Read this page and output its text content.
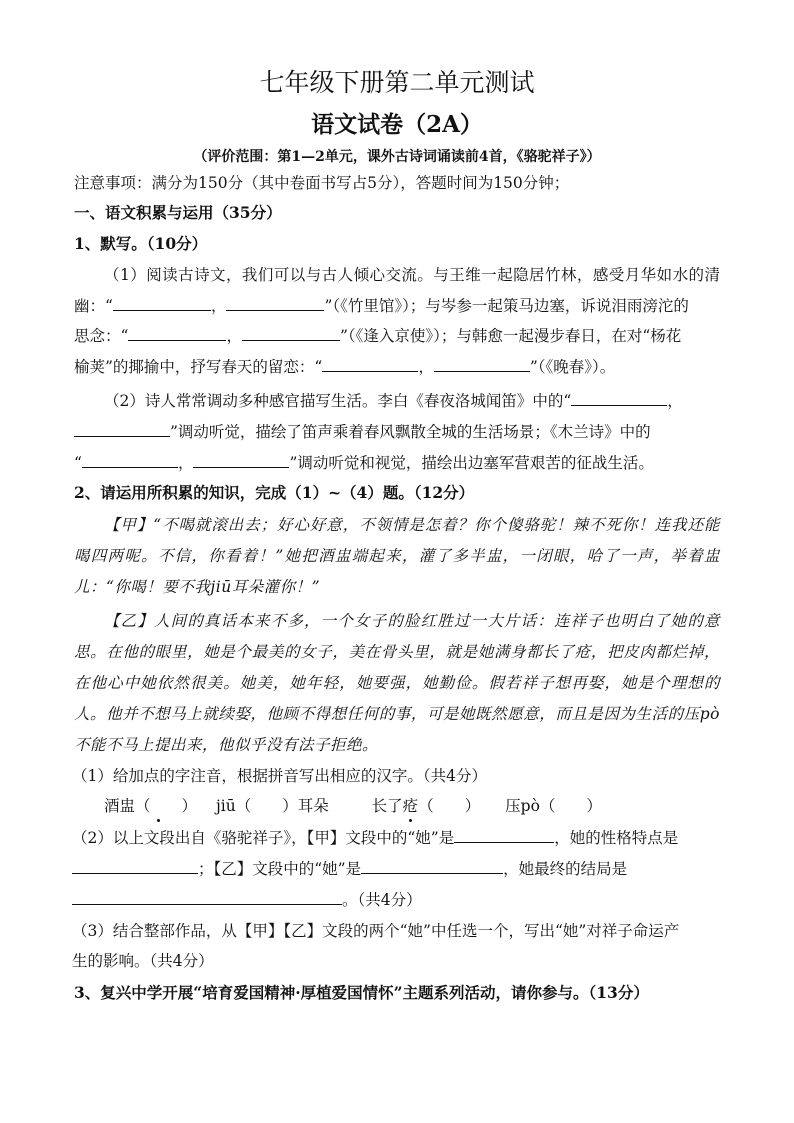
七年级下册第二单元测试
语文试卷（2A）
（评价范围：第1—2单元，课外古诗词诵读前4首，《骆驼祥子》）
注意事项：满分为150分（其中卷面书写占5分），答题时间为150分钟；
一、语文积累与运用（35分）
1、默写。（10分）
（1）阅读古诗文，我们可以与古人倾心交流。与王维一起隐居竹林，感受月华如水的清
幽：“	，	”（《竹里馆》）；与岑参一起策马边塞，诉说泪雨滂沱的
思念：“	，	”（《逢入京使》）；与韩愈一起漫步春日，在对“杨花
榆荚”的揶揄中，抒写春天的留恋：“	，	”（《晚春》）。
（2）诗人常常调动多种感官描写生活。李白《春夜洛城闻笛》中的“	，
”调动听觉，描绘了笛声乘着春风飘散全城的生活场景；《木兰诗》中的
“	，	”调动听觉和视觉，描绘出边塞军营艰苦的征战生活。
2、请运用所积累的知识，完成（1）~（4）题。（12分）
【甲】“不喝就滚出去；好心好意，不领情是怎着？你个傻骆驼！辣不死你！连我还能
喝四两呢。不信，你看着！”她把酒盅端起来，灌了多半盅，一闭眼，哈了一声，举着盅
儿：“你喝！要不我jiū耳朵灌你！”
【乙】人间的真话本来不多，一个女子的脸红胜过一大片话：连祥子也明白了她的意
思。在他的眼里，她是个最美的女子，美在骨头里，就是她满身都长了疮，把皮肉都烂掉，
在他心中她依然很美。她美，她年轻，她要强，她勤俭。假若祥子想再娶，她是个理想的
人。他并不想马上就续娶，他顾不得想任何的事，可是她既然愿意，而且是因为生活的压pò
不能不马上提出来，他似乎没有法子拒绝。
（1）给加点的字注音，根据拼音写出相应的汉字。（共4分）
酒盅（　　） jiū（　　）耳朵	长了疮（　　） 压pò（　　）
（2）以上文段出自《骆驼祥子》，【甲】文段中的“她”是	，她的性格特点是
；【乙】文段中的“她”是	，她最终的结局是
。（共4分）
（3）结合整部作品，从【甲】【乙】文段的两个“她”中任选一个，写出“她”对祥子命运产
生的影响。（共4分）
3、复兴中学开展“培育爱国精神·厚植爱国情怀”主题系列活动，请你参与。（13分）
